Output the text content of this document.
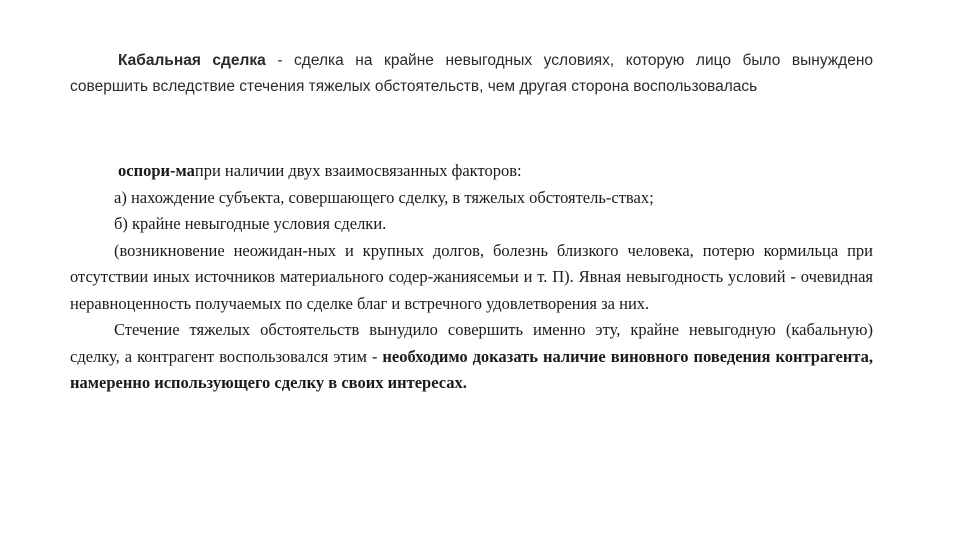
Кабальная сделка - сделка на крайне невыгодных условиях, которую лицо было вынуждено совершить вследствие стечения тяжелых обстоятельств, чем другая сторона воспользовалась

оспори-мапри наличии двух взаимосвязанных факторов:

а) нахождение субъекта, совершающего сделку, в тяжелых обстоятель-ствах;

б) крайне невыгодные условия сделки.

(возникновение неожидан-ных и крупных долгов, болезнь близкого человека, потерю кормильца при отсутствии иных источников материального содер-жаниясемьи и т. П). Явная невыгодность условий - очевидная неравноценность получаемых по сделке благ и встречного удовлетворения за них.

Стечение тяжелых обстоятельств вынудило совершить именно эту, крайне невыгодную (кабальную) сделку, а контрагент воспользовался этим - необходимо доказать наличие виновного поведения контрагента, намеренно использующего сделку в своих интересах.
